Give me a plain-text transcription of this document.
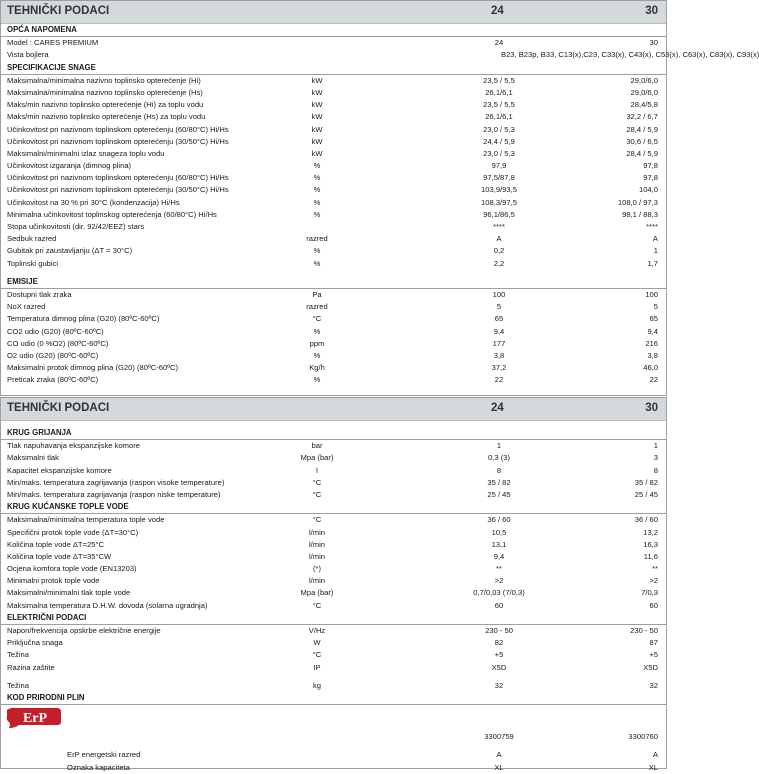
TEHNIČKI PODACI	24	30
OPĆA NAPOMENA
Model : CARES PREMIUM	24	30
Vista bojlera	B23, B23p, B33, C13(x),C23, C33(x), C43(x), C53(x), C63(x), C83(x), C93(x)
SPECIFIKACIJE SNAGE
Maksimalna/minimalna nazivno toplinsko opterećenje (Hi)	kW	23,5 / 5,5	29,0/6,0
Maksimalna/minimalna nazivno toplinsko opterećenje (Hs)	kW	26,1/6,1	29,0/6,0
Maks/min nazivno toplinsko opterećenje (Hi) za toplu vodu	kW	23,5 / 5,5	28,4/5,8
Maks/min nazivno toplinsko opterećenje (Hs) za toplu vodu	kW	26,1/6,1	32,2 / 6,7
Učinkovitost pri nazivnom toplinskom opterećenju (60/80°C) Hi/Hs	kW	23,0 / 5,3	28,4 / 5,9
Učinkovitost pri nazivnom toplinskom opterećenju (30/50°C) Hi/Hs	kW	24,4 / 5,9	30,6 / 6,5
Maksimalni/minimalni izlaz snageza toplu vodu	kW	23,0 / 5,3	28,4 / 5,9
Učinkovitost izgaranja (dimnog plina)	%	97,9	97,8
Učinkovitost pri nazivnom toplinskom opterećenju (60/80°C) Hi/Hs	%	97,5/87,8	97,8
Učinkovitost pri nazivnom toplinskom opterećenju (30/50°C) Hi/Hs	%	103,9/93,5	104,0
Učinkovitost na 30 % pri 30°C (kondenzacija) Hi/Hs	%	108,3/97,5	108,0 / 97,3
Minimalna učinkovitost toplinskog opterećenja (60/80°C) Hi/Hs	%	96,1/86,5	98,1 / 88,3
Stopa učinkovitosti (dir. 92/42/EEZ) stars	****	****
Sedbuk razred	razred	A	A
Gubitak pri zaustavljanju (ΔT = 30°C)	%	0,2	1
Toplinski gubici	%	2,2	1,7
EMISIJE
Dostupni tlak zraka	Pa	100	100
NoX razred	razred	5	5
Temperatura dimnog plina (G20) (80ºC-60ºC)	°C	65	65
CO2 udio (G20) (80ºC-60ºC)	%	9,4	9,4
CO udio (0 %O2) (80ºC-60ºC)	ppm	177	216
O2 udio (G20) (80ºC-60ºC)	%	3,8	3,8
Maksimalni protok dimnog plina (G20) (80ºC-60ºC)	Kg/h	37,2	46,0
Preticak zraka (80ºC-60ºC)	%	22	22
TEHNIČKI PODACI	24	30
KRUG GRIJANJA
Tlak napuhavanja ekspanzijske komore	bar	1	1
Maksimalni tlak	Mpa (bar)	0,3 (3)	3
Kapacitet ekspanzijske komore	l	8	8
Min/maks. temperatura zagrijavanja (raspon visoke temperature)	°C	35 / 82	35 / 82
Min/maks. temperatura zagrijavanja (raspon niske temperature)	°C	25 / 45	25 / 45
KRUG KUĆANSKE TOPLE VODE
Maksimalna/minimalna temperatura tople vode	°C	36 / 60	36 / 60
Specifični protok tople vode (ΔT=30°C)	l/min	10,5	13,2
Količina tople vode ΔT=25°C	l/min	13,1	16,3
Količina tople vode ΔT=35°CW	l/min	9,4	11,6
Ocjena komfora tople vode (EN13203)	(*)	**	**
Minimalni protok tople vode	l/min	>2	>2
Maksimalni/minimalni tlak tople vode	Mpa (bar)	0,7/0,03 (7/0,3)	7/0,3
Maksimalna temperatura D.H.W. dovoda (solarna ugradnja)	°C	60	60
ELEKTRIČNI PODACI
Napon/frekvencija opskrbe električne energije	V/Hz	230 - 50	230 - 50
Priključna snaga	W	82	87
Težina	°C	+5	+5
Razina zaštite	IP	X5D	X5D
Težina	kg	32	32
KOD PRIRODNI PLIN
ErP
3300759	3300760
ErP energetski razred	A	A
Oznaka kapaciteta	XL	XL
